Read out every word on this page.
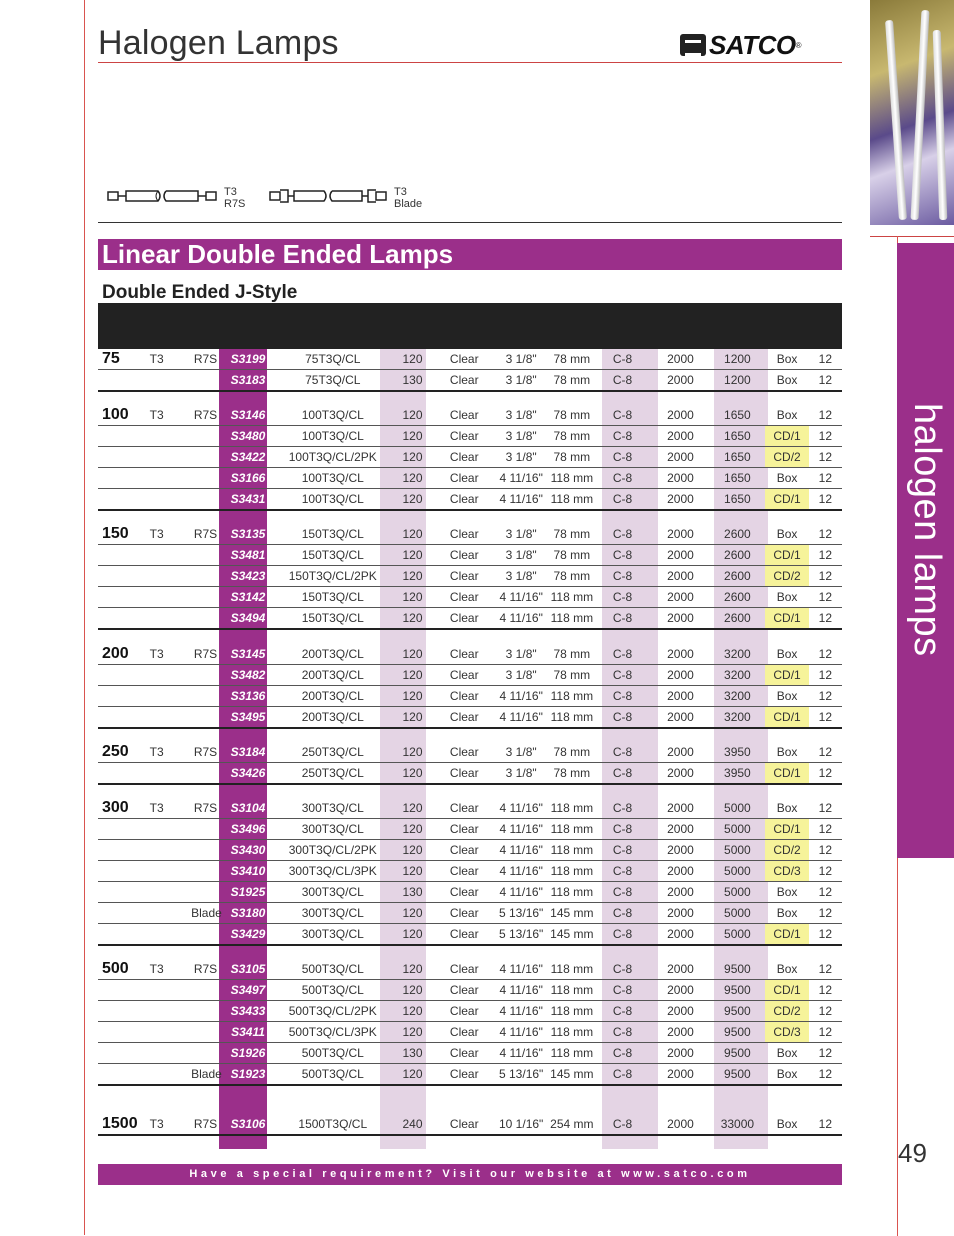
Halogen Lamps	SATCO ®
halogen lamps
49
T3
R7S
T3
Blade
Linear Double Ended Lamps
Double Ended J-Style
75	T3	R7S	S3199	75T3Q/CL	120	Clear	3 1/8"	78 mm	C-8	2000	1200	Box	12
			S3183	75T3Q/CL	130	Clear	3 1/8"	78 mm	C-8	2000	1200	Box	12
100	T3	R7S	S3146	100T3Q/CL	120	Clear	3 1/8"	78 mm	C-8	2000	1650	Box	12
			S3480	100T3Q/CL	120	Clear	3 1/8"	78 mm	C-8	2000	1650	CD/1	12
			S3422	100T3Q/CL/2PK	120	Clear	3 1/8"	78 mm	C-8	2000	1650	CD/2	12
			S3166	100T3Q/CL	120	Clear	4 11/16"	118 mm	C-8	2000	1650	Box	12
			S3431	100T3Q/CL	120	Clear	4 11/16"	118 mm	C-8	2000	1650	CD/1	12
150	T3	R7S	S3135	150T3Q/CL	120	Clear	3 1/8"	78 mm	C-8	2000	2600	Box	12
			S3481	150T3Q/CL	120	Clear	3 1/8"	78 mm	C-8	2000	2600	CD/1	12
			S3423	150T3Q/CL/2PK	120	Clear	3 1/8"	78 mm	C-8	2000	2600	CD/2	12
			S3142	150T3Q/CL	120	Clear	4 11/16"	118 mm	C-8	2000	2600	Box	12
			S3494	150T3Q/CL	120	Clear	4 11/16"	118 mm	C-8	2000	2600	CD/1	12
200	T3	R7S	S3145	200T3Q/CL	120	Clear	3 1/8"	78 mm	C-8	2000	3200	Box	12
			S3482	200T3Q/CL	120	Clear	3 1/8"	78 mm	C-8	2000	3200	CD/1	12
			S3136	200T3Q/CL	120	Clear	4 11/16"	118 mm	C-8	2000	3200	Box	12
			S3495	200T3Q/CL	120	Clear	4 11/16"	118 mm	C-8	2000	3200	CD/1	12
250	T3	R7S	S3184	250T3Q/CL	120	Clear	3 1/8"	78 mm	C-8	2000	3950	Box	12
			S3426	250T3Q/CL	120	Clear	3 1/8"	78 mm	C-8	2000	3950	CD/1	12
300	T3	R7S	S3104	300T3Q/CL	120	Clear	4 11/16"	118 mm	C-8	2000	5000	Box	12
			S3496	300T3Q/CL	120	Clear	4 11/16"	118 mm	C-8	2000	5000	CD/1	12
			S3430	300T3Q/CL/2PK	120	Clear	4 11/16"	118 mm	C-8	2000	5000	CD/2	12
			S3410	300T3Q/CL/3PK	120	Clear	4 11/16"	118 mm	C-8	2000	5000	CD/3	12
			S1925	300T3Q/CL	130	Clear	4 11/16"	118 mm	C-8	2000	5000	Box	12
		Blade	S3180	300T3Q/CL	120	Clear	5 13/16"	145 mm	C-8	2000	5000	Box	12
			S3429	300T3Q/CL	120	Clear	5 13/16"	145 mm	C-8	2000	5000	CD/1	12
500	T3	R7S	S3105	500T3Q/CL	120	Clear	4 11/16"	118 mm	C-8	2000	9500	Box	12
			S3497	500T3Q/CL	120	Clear	4 11/16"	118 mm	C-8	2000	9500	CD/1	12
			S3433	500T3Q/CL/2PK	120	Clear	4 11/16"	118 mm	C-8	2000	9500	CD/2	12
			S3411	500T3Q/CL/3PK	120	Clear	4 11/16"	118 mm	C-8	2000	9500	CD/3	12
			S1926	500T3Q/CL	130	Clear	4 11/16"	118 mm	C-8	2000	9500	Box	12
		Blade	S1923	500T3Q/CL	120	Clear	5 13/16"	145 mm	C-8	2000	9500	Box	12
1500	T3	R7S	S3106	1500T3Q/CL	240	Clear	10 1/16"	254 mm	C-8	2000	33000	Box	12
Have a special requirement? Visit our website at www.satco.com
